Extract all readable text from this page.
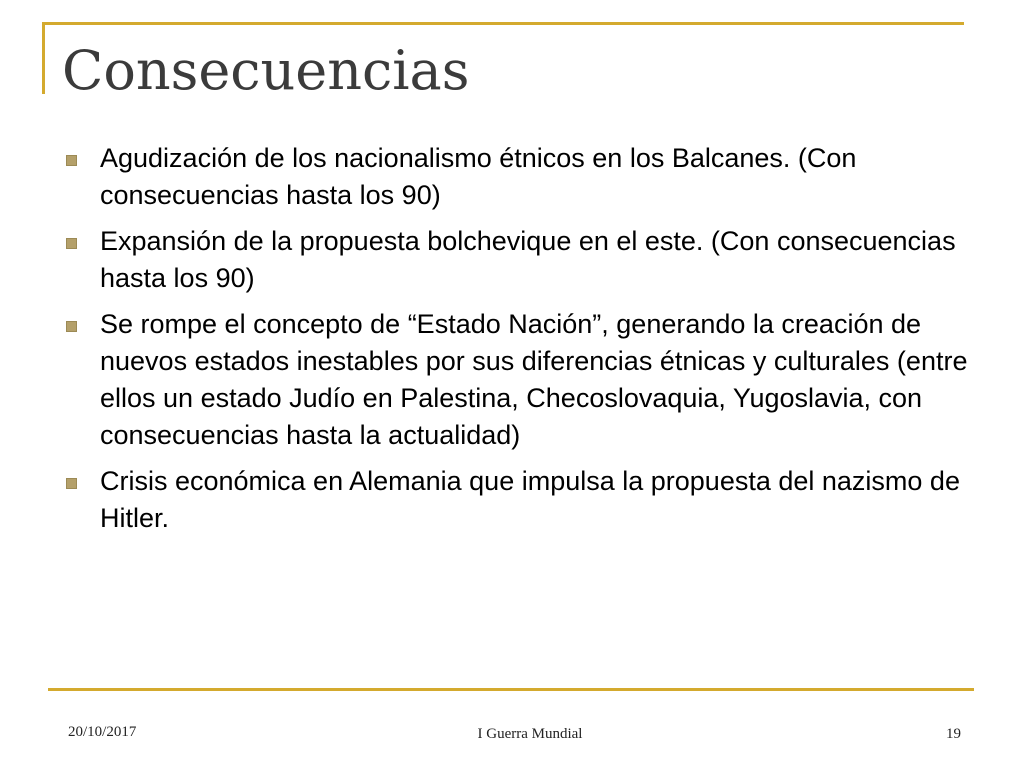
Consecuencias
Agudización de los nacionalismo étnicos en los Balcanes. (Con consecuencias hasta los 90)
Expansión de la propuesta bolchevique en el este. (Con consecuencias hasta los 90)
Se rompe el concepto de “Estado Nación”, generando la creación de nuevos estados inestables por sus diferencias étnicas y culturales (entre ellos un estado Judío en Palestina, Checoslovaquia, Yugoslavia, con consecuencias hasta la actualidad)
Crisis económica en Alemania que impulsa la propuesta del nazismo de Hitler.
20/10/2017	I Guerra Mundial	19
